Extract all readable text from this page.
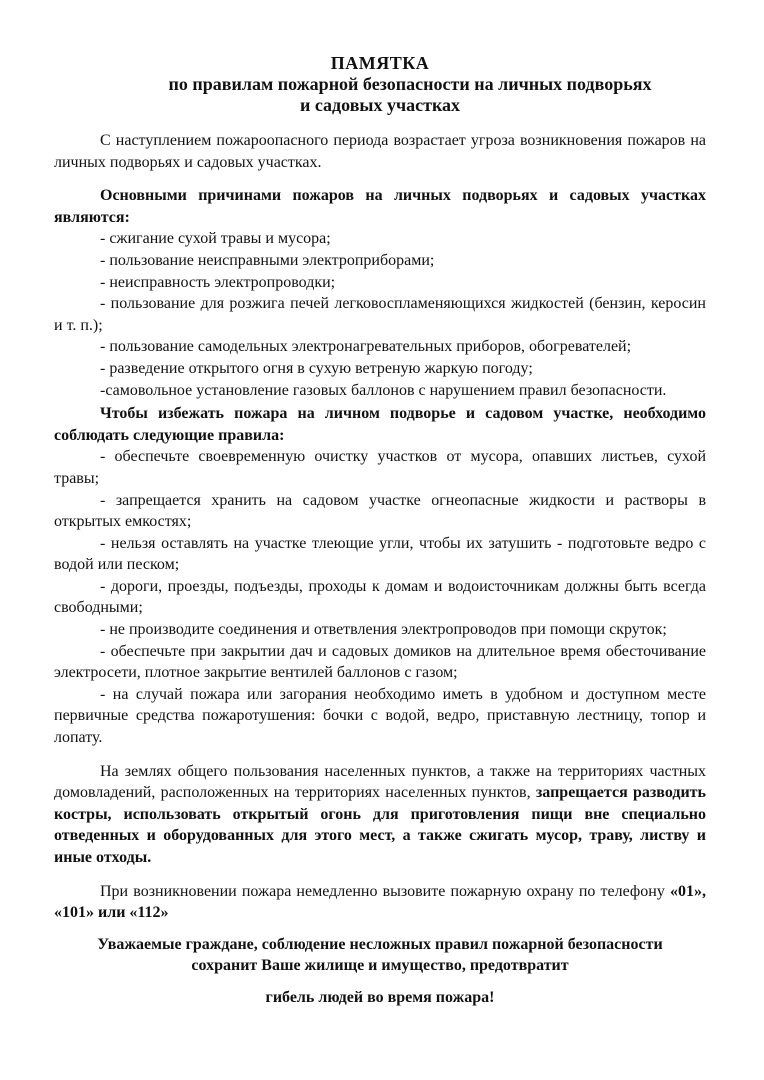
ПАМЯТКА
по правилам пожарной безопасности на личных подворьях
и садовых участках

С наступлением пожароопасного периода возрастает угроза возникновения пожаров на личных подворьях и садовых участках.

Основными причинами пожаров на личных подворьях и садовых участках являются:

- сжигание сухой травы и мусора;

- пользование неисправными электроприборами;

- неисправность электропроводки;

- пользование для розжига печей легковоспламеняющихся жидкостей (бензин, керосин и т. п.);

- пользование самодельных электронагревательных приборов, обогревателей;

- разведение открытого огня в сухую ветреную жаркую погоду;

-самовольное установление газовых баллонов с нарушением правил безопасности.

Чтобы избежать пожара на личном подворье и садовом участке, необходимо соблюдать следующие правила:

- обеспечьте своевременную очистку участков от мусора, опавших листьев, сухой травы;

- запрещается хранить на садовом участке огнеопасные жидкости и растворы в открытых емкостях;

- нельзя оставлять на участке тлеющие угли, чтобы их затушить - подготовьте ведро с водой или песком;

- дороги, проезды, подъезды, проходы к домам и водоисточникам должны быть всегда свободными;

- не производите соединения и ответвления электропроводов при помощи скруток;

- обеспечьте при закрытии дач и садовых домиков на длительное время обесточивание электросети, плотное закрытие вентилей баллонов с газом;

- на случай пожара или загорания необходимо иметь в удобном и доступном месте первичные средства пожаротушения: бочки с водой, ведро, приставную лестницу, топор и лопату.

На землях общего пользования населенных пунктов, а также на территориях частных домовладений, расположенных на территориях населенных пунктов, запрещается разводить костры, использовать открытый огонь для приготовления пищи вне специально отведенных и оборудованных для этого мест, а также сжигать мусор, траву, листву и иные отходы.

При возникновении пожара немедленно вызовите пожарную охрану по телефону «01», «101» или «112»

Уважаемые граждане, соблюдение несложных правил пожарной безопасности
сохранит Ваше жилище и имущество, предотвратит
гибель людей во время пожара!
